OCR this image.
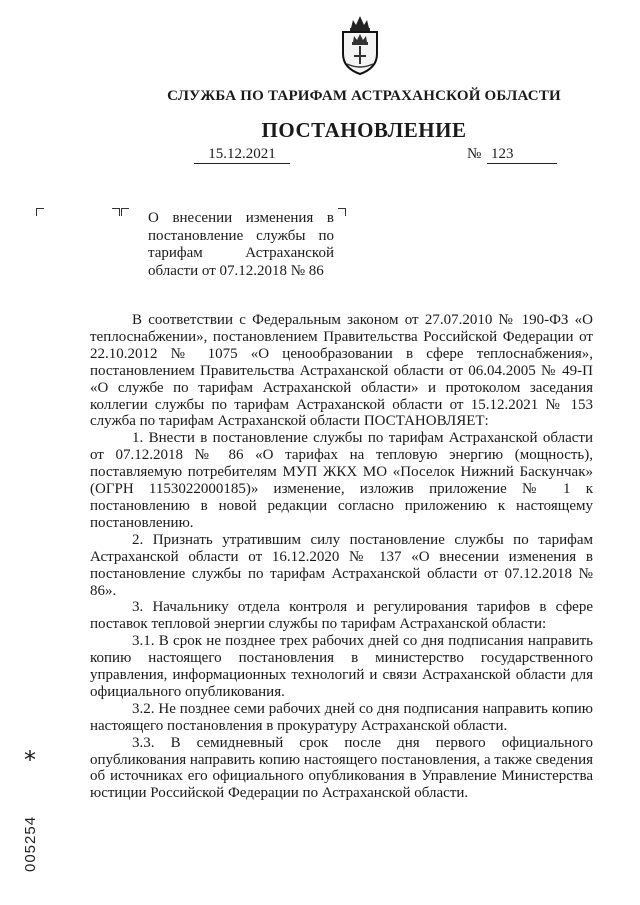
СЛУЖБА ПО ТАРИФАМ АСТРАХАНСКОЙ ОБЛАСТИ
ПОСТАНОВЛЕНИЕ
15.12.2021	№ 123
О внесении изменения в постановление службы по тарифам Астраханской области от 07.12.2018 № 86

В соответствии с Федеральным законом от 27.07.2010 № 190-ФЗ «О теплоснабжении», постановлением Правительства Российской Федерации от 22.10.2012 № 1075 «О ценообразовании в сфере теплоснабжения», постановлением Правительства Астраханской области от 06.04.2005 № 49-П «О службе по тарифам Астраханской области» и протоколом заседания коллегии службы по тарифам Астраханской области от 15.12.2021 № 153 служба по тарифам Астраханской области ПОСТАНОВЛЯЕТ:

1. Внести в постановление службы по тарифам Астраханской области от 07.12.2018 № 86 «О тарифах на тепловую энергию (мощность), поставляемую потребителям МУП ЖКХ МО «Поселок Нижний Баскунчак» (ОГРН 1153022000185)» изменение, изложив приложение № 1 к постановлению в новой редакции согласно приложению к настоящему постановлению.

2. Признать утратившим силу постановление службы по тарифам Астраханской области от 16.12.2020 № 137 «О внесении изменения в постановление службы по тарифам Астраханской области от 07.12.2018 № 86».

3. Начальнику отдела контроля и регулирования тарифов в сфере поставок тепловой энергии службы по тарифам Астраханской области:

3.1. В срок не позднее трех рабочих дней со дня подписания направить копию настоящего постановления в министерство государственного управления, информационных технологий и связи Астраханской области для официального опубликования.

3.2. Не позднее семи рабочих дней со дня подписания направить копию настоящего постановления в прокуратуру Астраханской области.

3.3. В семидневный срок после дня первого официального опубликования направить копию настоящего постановления, а также сведения об источниках его официального опубликования в Управление Министерства юстиции Российской Федерации по Астраханской области.

*
005254
